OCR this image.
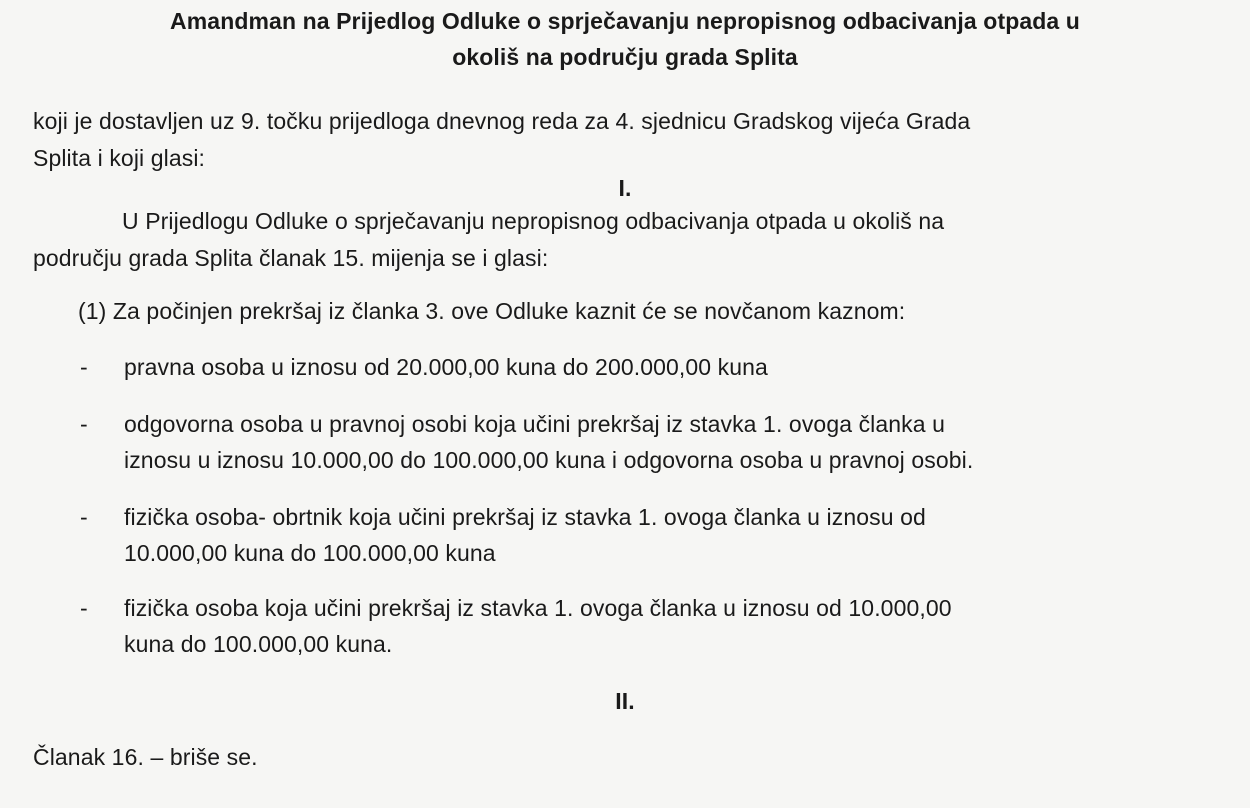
Amandman na Prijedlog Odluke o sprječavanju nepropisnog odbacivanja otpada u
okoliš na području grada Splita
koji je dostavljen uz 9. točku prijedloga dnevnog reda za 4. sjednicu Gradskog vijeća Grada
Splita i koji glasi:
I.
U Prijedlogu Odluke o sprječavanju nepropisnog odbacivanja otpada u okoliš na
području grada Splita članak 15. mijenja se i glasi:
(1) Za počinjen prekršaj iz članka 3. ove Odluke kaznit će se novčanom kaznom:
- pravna osoba u iznosu od 20.000,00 kuna do 200.000,00 kuna
- odgovorna osoba u pravnoj osobi koja učini prekršaj iz stavka 1. ovoga članka u
iznosu u iznosu 10.000,00 do 100.000,00 kuna i odgovorna osoba u pravnoj osobi.
- fizička osoba- obrtnik koja učini prekršaj iz stavka 1. ovoga članka u iznosu od
10.000,00 kuna do 100.000,00 kuna
- fizička osoba koja učini prekršaj iz stavka 1. ovoga članka u iznosu od 10.000,00
kuna do 100.000,00 kuna.
II.
Članak 16. – briše se.
